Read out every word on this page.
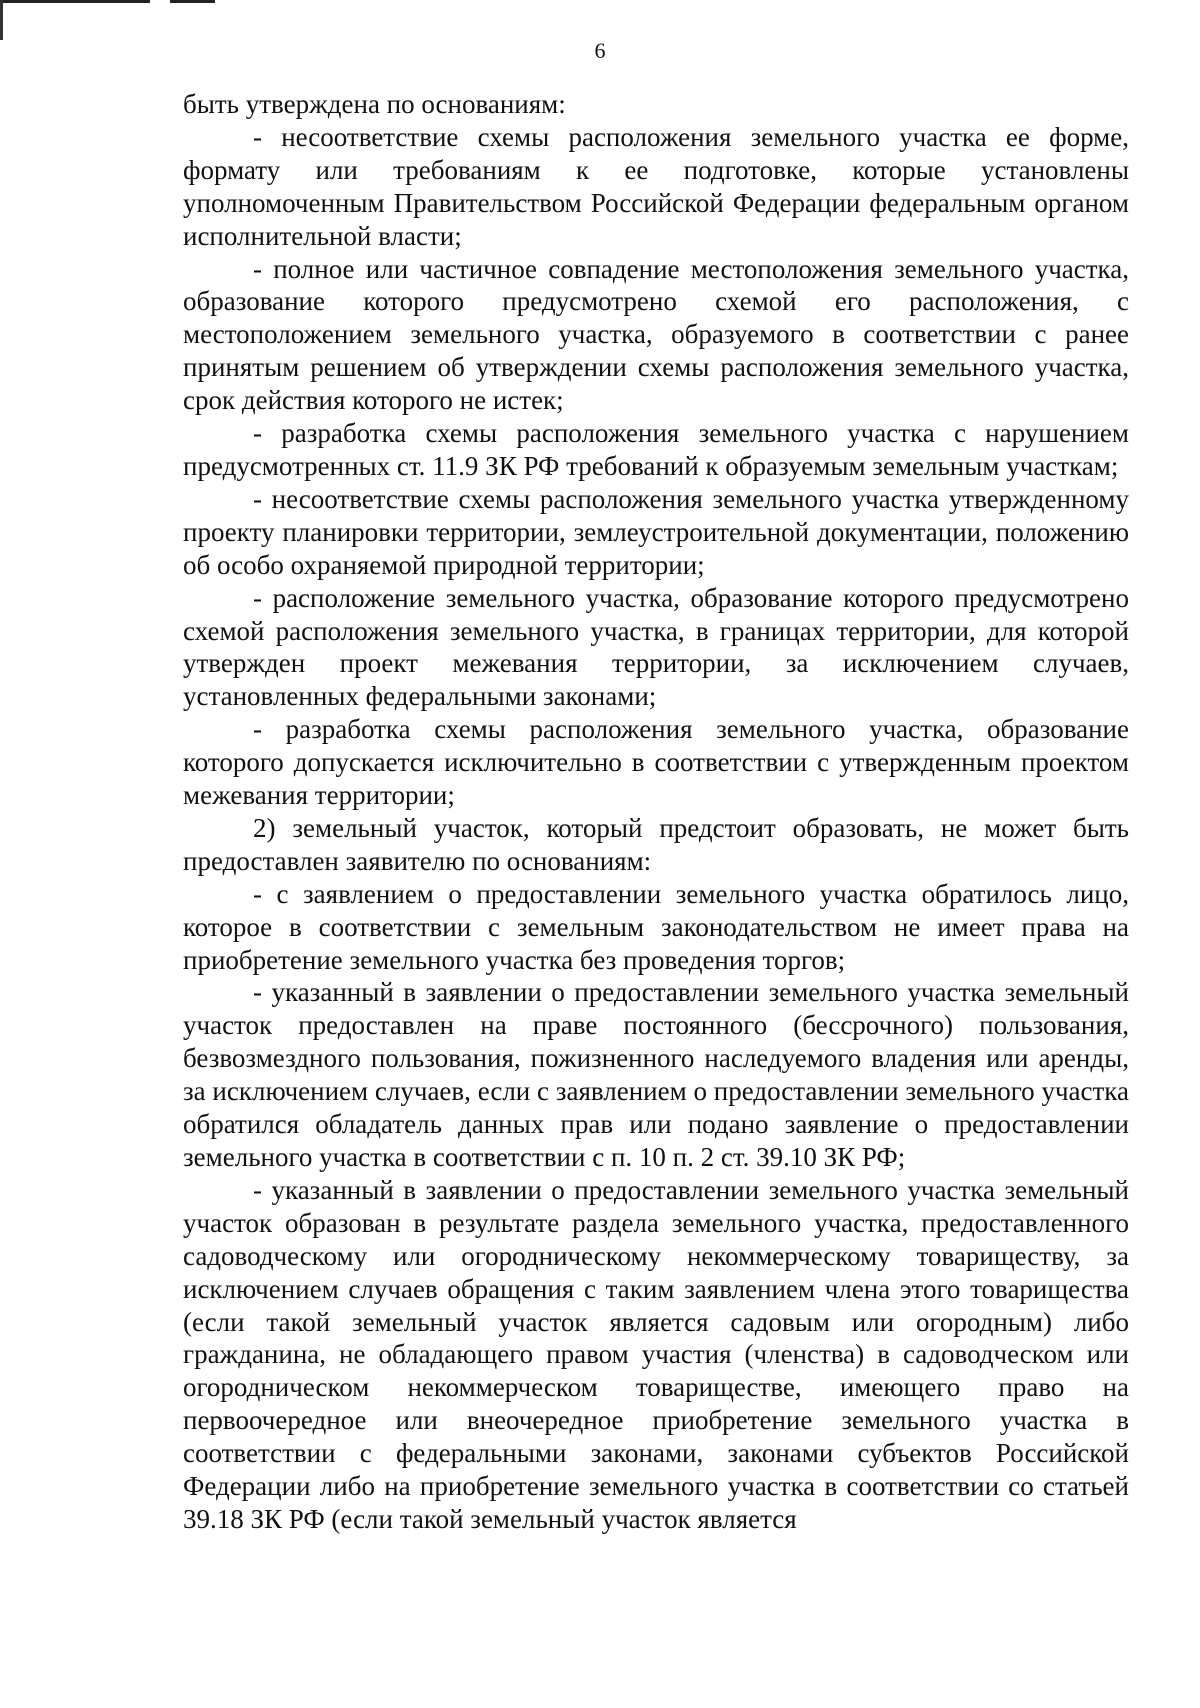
6

быть утверждена по основаниям:

- несоответствие схемы расположения земельного участка ее форме, формату или требованиям к ее подготовке, которые установлены уполномоченным Правительством Российской Федерации федеральным органом исполнительной власти;

- полное или частичное совпадение местоположения земельного участка, образование которого предусмотрено схемой его расположения, с местоположением земельного участка, образуемого в соответствии с ранее принятым решением об утверждении схемы расположения земельного участка, срок действия которого не истек;

- разработка схемы расположения земельного участка с нарушением предусмотренных ст. 11.9 ЗК РФ требований к образуемым земельным участкам;

- несоответствие схемы расположения земельного участка утвержденному проекту планировки территории, землеустроительной документации, положению об особо охраняемой природной территории;

- расположение земельного участка, образование которого предусмотрено схемой расположения земельного участка, в границах территории, для которой утвержден проект межевания территории, за исключением случаев, установленных федеральными законами;

- разработка схемы расположения земельного участка, образование которого допускается исключительно в соответствии с утвержденным проектом межевания территории;

2) земельный участок, который предстоит образовать, не может быть предоставлен заявителю по основаниям:

- с заявлением о предоставлении земельного участка обратилось лицо, которое в соответствии с земельным законодательством не имеет права на приобретение земельного участка без проведения торгов;

- указанный в заявлении о предоставлении земельного участка земельный участок предоставлен на праве постоянного (бессрочного) пользования, безвозмездного пользования, пожизненного наследуемого владения или аренды, за исключением случаев, если с заявлением о предоставлении земельного участка обратился обладатель данных прав или подано заявление о предоставлении земельного участка в соответствии с п. 10 п. 2 ст. 39.10 ЗК РФ;

- указанный в заявлении о предоставлении земельного участка земельный участок образован в результате раздела земельного участка, предоставленного садоводческому или огородническому некоммерческому товариществу, за исключением случаев обращения с таким заявлением члена этого товарищества (если такой земельный участок является садовым или огородным) либо гражданина, не обладающего правом участия (членства) в садоводческом или огородническом некоммерческом товариществе, имеющего право на первоочередное или внеочередное приобретение земельного участка в соответствии с федеральными законами, законами субъектов Российской Федерации либо на приобретение земельного участка в соответствии со статьей 39.18 ЗК РФ (если такой земельный участок является
